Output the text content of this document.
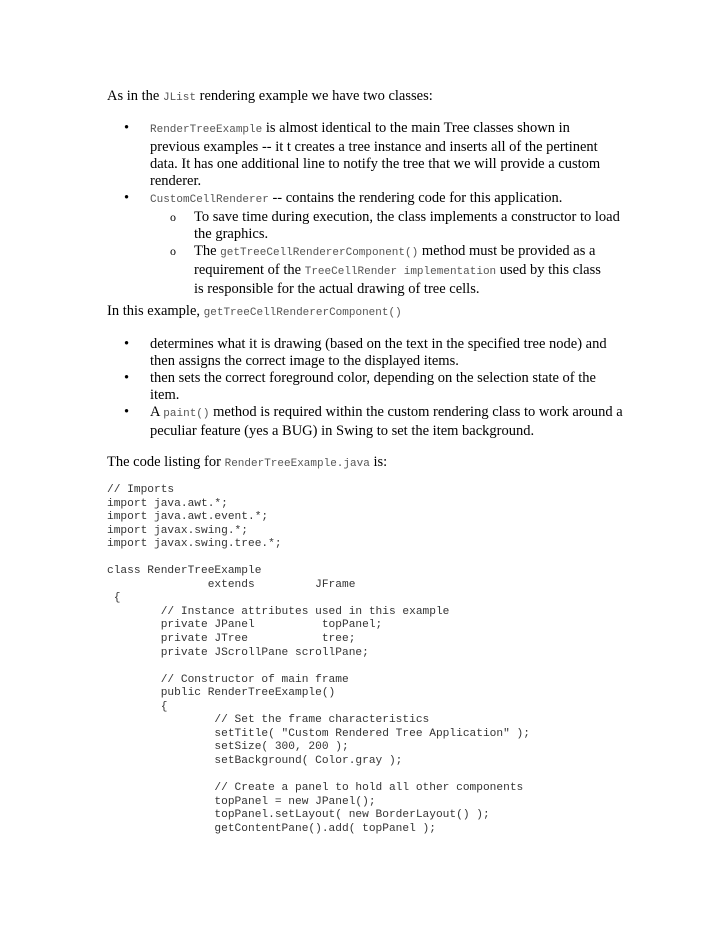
As in the JList rendering example we have two classes:
• RenderTreeExample is almost identical to the main Tree classes shown in
previous examples -- it t creates a tree instance and inserts all of the pertinent
data. It has one additional line to notify the tree that we will provide a custom
renderer.
• CustomCellRenderer -- contains the rendering code for this application.
o To save time during execution, the class implements a constructor to load
the graphics.
o The getTreeCellRendererComponent() method must be provided as a
requirement of the TreeCellRender implementation used by this class
is responsible for the actual drawing of tree cells.
In this example, getTreeCellRendererComponent()
• determines what it is drawing (based on the text in the specified tree node) and
then assigns the correct image to the displayed items.
• then sets the correct foreground color, depending on the selection state of the
item.
• A paint() method is required within the custom rendering class to work around a
peculiar feature (yes a BUG) in Swing to set the item background.
The code listing for RenderTreeExample.java is:
// Imports
import java.awt.*;
import java.awt.event.*;
import javax.swing.*;
import javax.swing.tree.*;

class RenderTreeExample
extends         JFrame
{
// Instance attributes used in this example
private JPanel          topPanel;
private JTree           tree;
private JScrollPane scrollPane;

// Constructor of main frame
public RenderTreeExample()
{
// Set the frame characteristics
setTitle( "Custom Rendered Tree Application" );
setSize( 300, 200 );
setBackground( Color.gray );

// Create a panel to hold all other components
topPanel = new JPanel();
topPanel.setLayout( new BorderLayout() );
getContentPane().add( topPanel );
